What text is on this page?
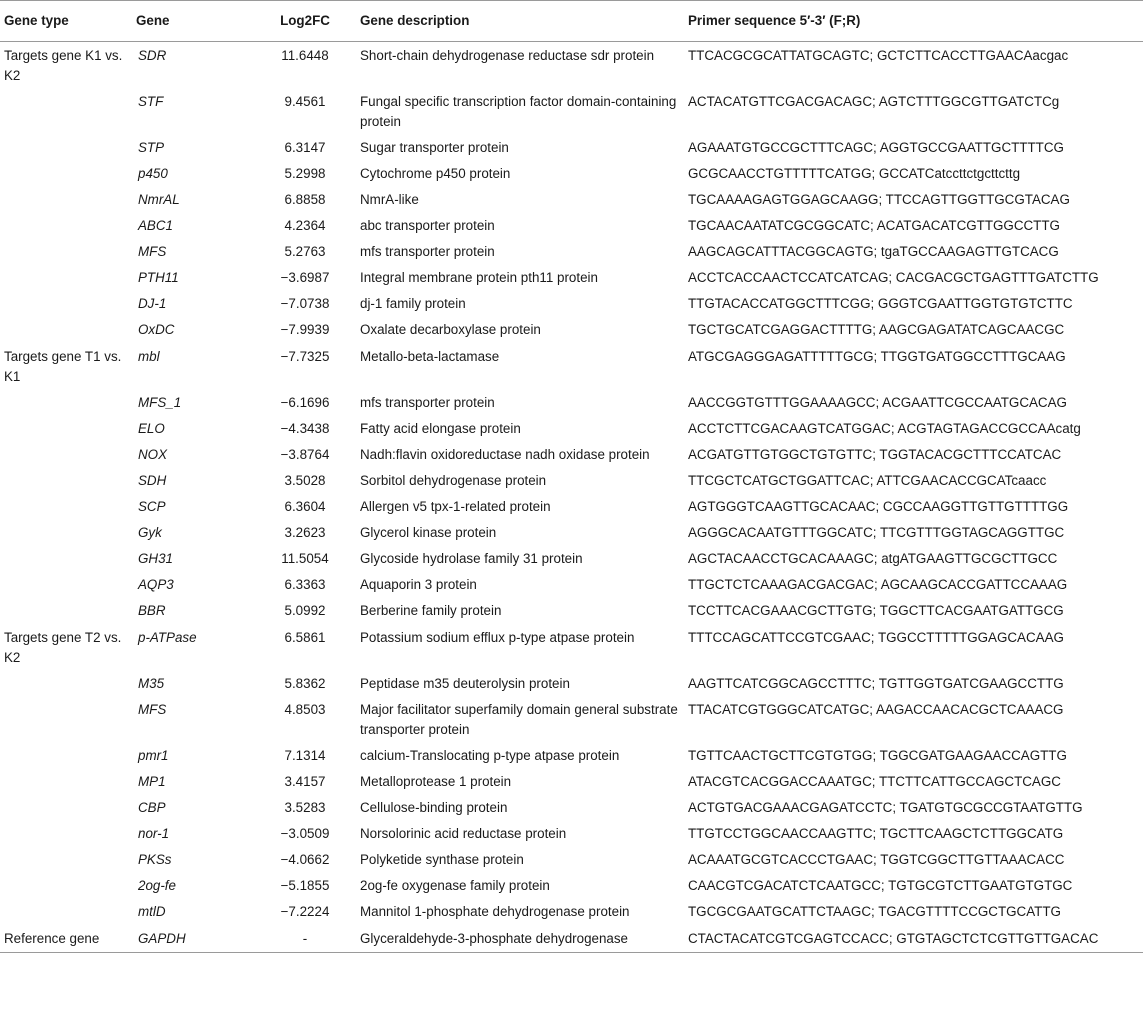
Gene type	Gene	Log2FC	Gene description	Primer sequence 5′-3′ (F;R)
Targets gene K1 vs. K2	SDR	11.6448	Short-chain dehydrogenase reductase sdr protein	TTCACGCGCATTATGCAGTC; GCTCTTCACCTTGAACAacgac
	STF	9.4561	Fungal specific transcription factor domain-containing protein	ACTACATGTTCGACGACAGC; AGTCTTTGGCGTTGATCTCg
	STP	6.3147	Sugar transporter protein	AGAAATGTGCCGCTTTCAGC; AGGTGCCGAATTGCTTTTCG
	p450	5.2998	Cytochrome p450 protein	GCGCAACCTGTTTTTCATGG; GCCATCatccttctgcttcttg
	NmrAL	6.8858	NmrA-like	TGCAAAAGAGTGGAGCAAGG; TTCCAGTTGGTTGCGTACAG
	ABC1	4.2364	abc transporter protein	TGCAACAATATCGCGGCATC; ACATGACATCGTTGGCCTTG
	MFS	5.2763	mfs transporter protein	AAGCAGCATTTACGGCAGTG; tgaTGCCAAGAGTTGTCACG
	PTH11	−3.6987	Integral membrane protein pth11 protein	ACCTCACCAACTCCATCATCAG; CACGACGCTGAGTTTGATCTTG
	DJ-1	−7.0738	dj-1 family protein	TTGTACACCATGGCTTTCGG; GGGTCGAATTGGTGTGTCTTC
	OxDC	−7.9939	Oxalate decarboxylase protein	TGCTGCATCGAGGACTTTTG; AAGCGAGATATCAGCAACGC
Targets gene T1 vs. K1	mbl	−7.7325	Metallo-beta-lactamase	ATGCGAGGGAGATTTTTGCG; TTGGTGATGGCCTTTGCAAG
	MFS_1	−6.1696	mfs transporter protein	AACCGGTGTTTGGAAAAGCC; ACGAATTCGCCAATGCACAG
	ELO	−4.3438	Fatty acid elongase protein	ACCTCTTCGACAAGTCATGGAC; ACGTAGTAGACCGCCAAcatg
	NOX	−3.8764	Nadh:flavin oxidoreductase nadh oxidase protein	ACGATGTTGTGGCTGTGTTC; TGGTACACGCTTTCCATCAC
	SDH	3.5028	Sorbitol dehydrogenase protein	TTCGCTCATGCTGGATTCAC; ATTCGAACACCGCATcaacc
	SCP	6.3604	Allergen v5 tpx-1-related protein	AGTGGGTCAAGTTGCACAAC; CGCCAAGGTTGTTGTTTTGG
	Gyk	3.2623	Glycerol kinase protein	AGGGCACAATGTTTGGCATC; TTCGTTTGGTAGCAGGTTGC
	GH31	11.5054	Glycoside hydrolase family 31 protein	AGCTACAACCTGCACAAAGC; atgATGAAGTTGCGCTTGCC
	AQP3	6.3363	Aquaporin 3 protein	TTGCTCTCAAAGACGACGAC; AGCAAGCACCGATTCCAAAG
	BBR	5.0992	Berberine family protein	TCCTTCACGAAACGCTTGTG; TGGCTTCACGAATGATTGCG
Targets gene T2 vs. K2	p-ATPase	6.5861	Potassium sodium efflux p-type atpase protein	TTTCCAGCATTCCGTCGAAC; TGGCCTTTTTGGAGCACAAG
	M35	5.8362	Peptidase m35 deuterolysin protein	AAGTTCATCGGCAGCCTTTC; TGTTGGTGATCGAAGCCTTG
	MFS	4.8503	Major facilitator superfamily domain general substrate transporter protein	TTACATCGTGGGCATCATGC; AAGACCAACACGCTCAAACG
	pmr1	7.1314	calcium-Translocating p-type atpase protein	TGTTCAACTGCTTCGTGTGG; TGGCGATGAAGAACCAGTTG
	MP1	3.4157	Metalloprotease 1 protein	ATACGTCACGGACCAAATGC; TTCTTCATTGCCAGCTCAGC
	CBP	3.5283	Cellulose-binding protein	ACTGTGACGAAACGAGATCCTC; TGATGTGCGCCGTAATGTTG
	nor-1	−3.0509	Norsolorinic acid reductase protein	TTGTCCTGGCAACCAAGTTC; TGCTTCAAGCTCTTGGCATG
	PKSs	−4.0662	Polyketide synthase protein	ACAAATGCGTCACCCTGAAC; TGGTCGGCTTGTTAAACACC
	2og-fe	−5.1855	2og-fe oxygenase family protein	CAACGTCGACATCTCAATGCC; TGTGCGTCTTGAATGTGTGC
	mtlD	−7.2224	Mannitol 1-phosphate dehydrogenase protein	TGCGCGAATGCATTCTAAGC; TGACGTTTTCCGCTGCATTG
Reference gene	GAPDH	-	Glyceraldehyde-3-phosphate dehydrogenase	CTACTACATCGTCGAGTCCACC; GTGTAGCTCTCGTTGTTGACAC
